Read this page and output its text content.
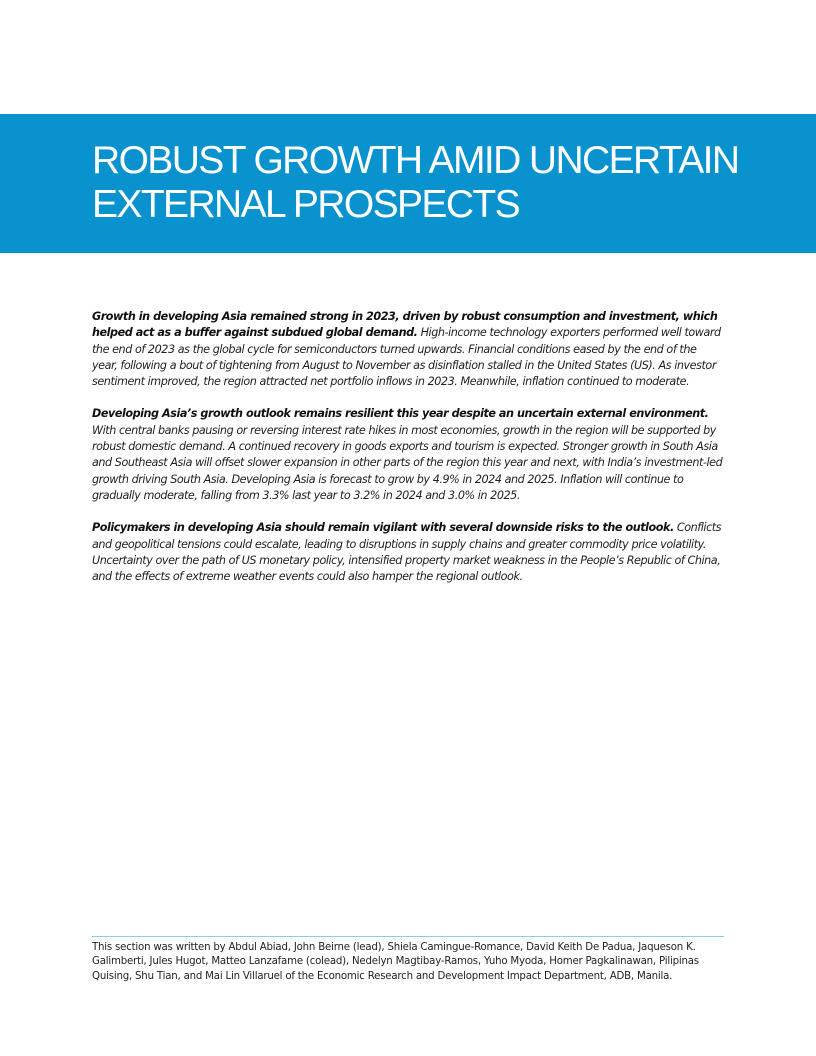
ROBUST GROWTH AMID UNCERTAIN
EXTERNAL PROSPECTS

Growth in developing Asia remained strong in 2023, driven by robust consumption and investment, which helped act as a buffer against subdued global demand. High-income technology exporters performed well toward the end of 2023 as the global cycle for semiconductors turned upwards. Financial conditions eased by the end of the year, following a bout of tightening from August to November as disinflation stalled in the United States (US). As investor sentiment improved, the region attracted net portfolio inflows in 2023. Meanwhile, inflation continued to moderate.

Developing Asia’s growth outlook remains resilient this year despite an uncertain external environment. With central banks pausing or reversing interest rate hikes in most economies, growth in the region will be supported by robust domestic demand. A continued recovery in goods exports and tourism is expected. Stronger growth in South Asia and Southeast Asia will offset slower expansion in other parts of the region this year and next, with India’s investment-led growth driving South Asia. Developing Asia is forecast to grow by 4.9% in 2024 and 2025. Inflation will continue to gradually moderate, falling from 3.3% last year to 3.2% in 2024 and 3.0% in 2025.

Policymakers in developing Asia should remain vigilant with several downside risks to the outlook. Conflicts and geopolitical tensions could escalate, leading to disruptions in supply chains and greater commodity price volatility. Uncertainty over the path of US monetary policy, intensified property market weakness in the People’s Republic of China, and the effects of extreme weather events could also hamper the regional outlook.

This section was written by Abdul Abiad, John Beirne (lead), Shiela Camingue-Romance, David Keith De Padua, Jaqueson K. Galimberti, Jules Hugot, Matteo Lanzafame (colead), Nedelyn Magtibay-Ramos, Yuho Myoda, Homer Pagkalinawan, Pilipinas Quising, Shu Tian, and Mai Lin Villaruel of the Economic Research and Development Impact Department, ADB, Manila.
